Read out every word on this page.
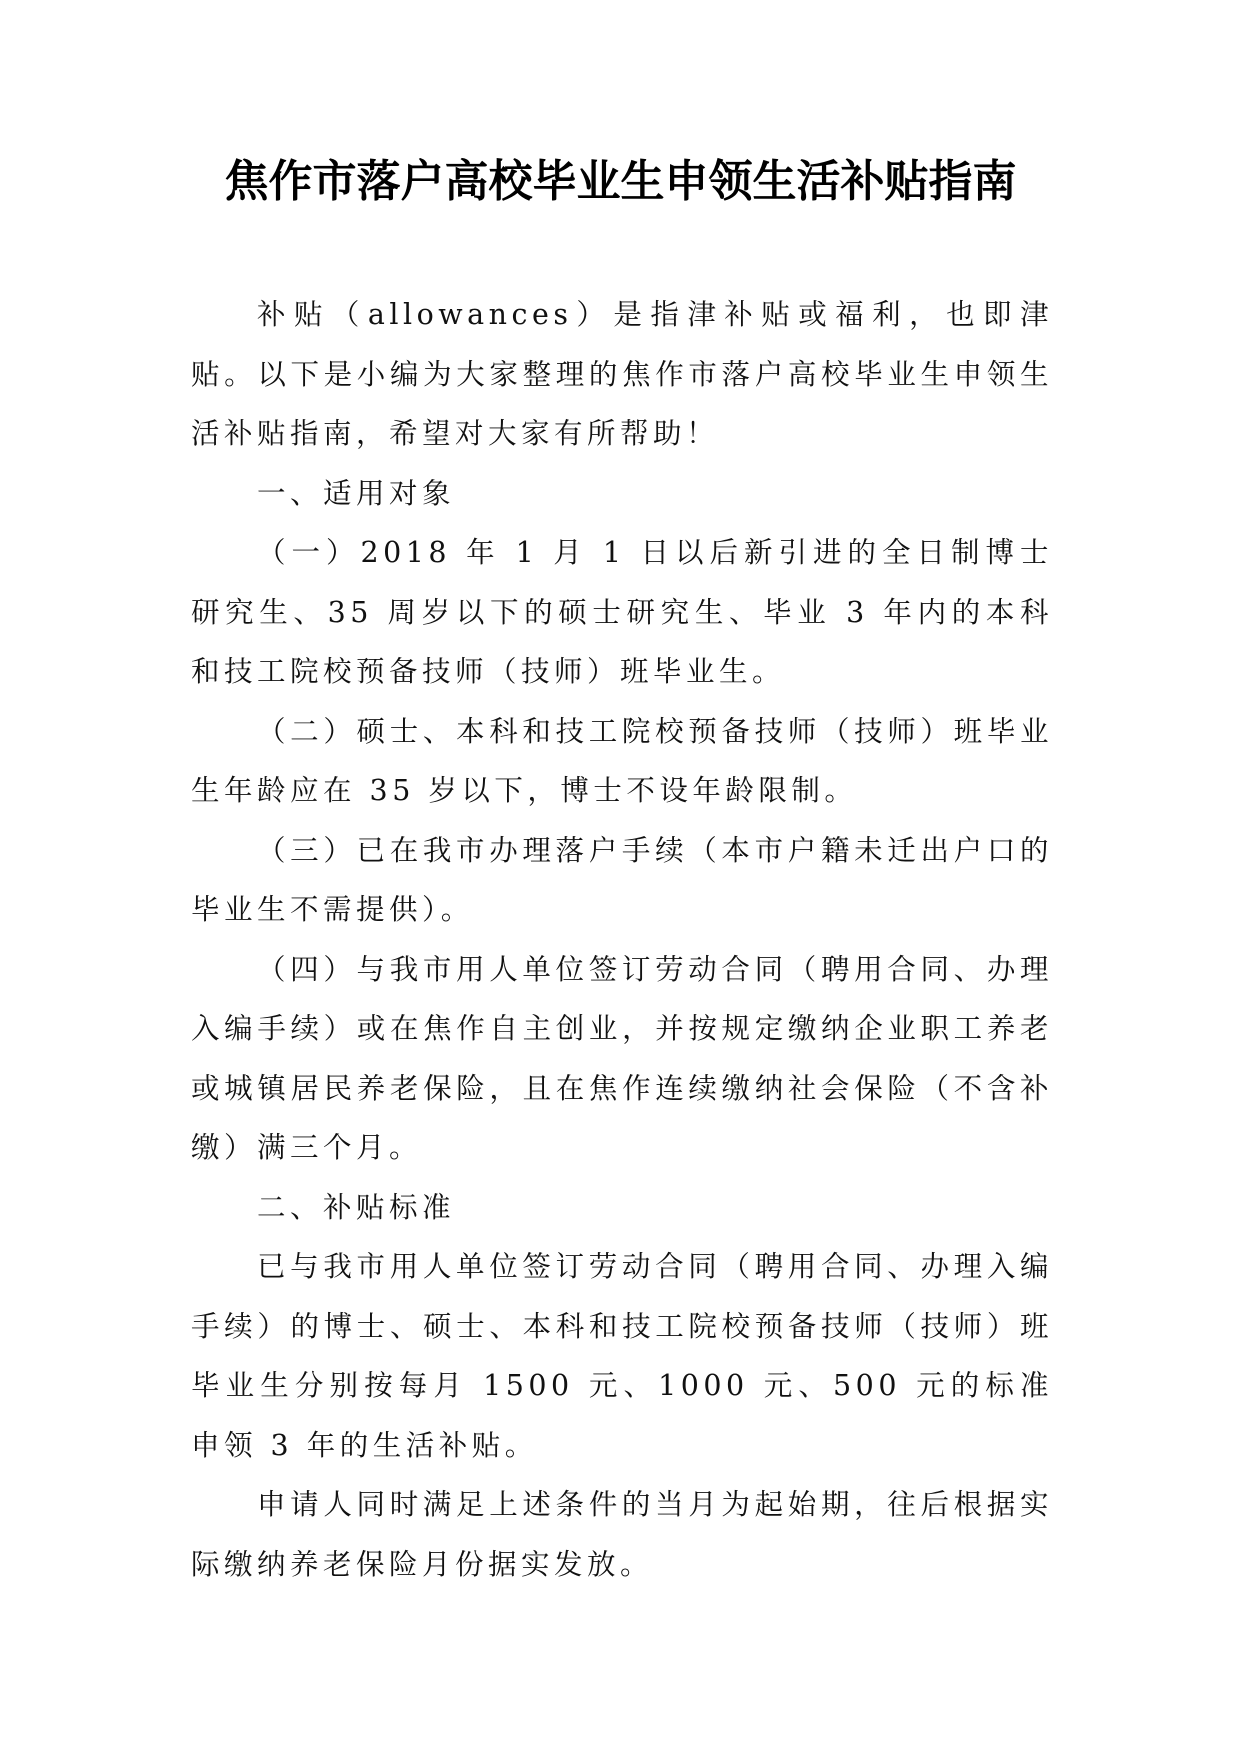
焦作市落户高校毕业生申领生活补贴指南

补贴（allowances）是指津补贴或福利，也即津贴。以下是小编为大家整理的焦作市落户高校毕业生申领生活补贴指南，希望对大家有所帮助！

一、适用对象

（一）2018 年 1 月 1 日以后新引进的全日制博士研究生、35 周岁以下的硕士研究生、毕业 3 年内的本科和技工院校预备技师（技师）班毕业生。

（二）硕士、本科和技工院校预备技师（技师）班毕业生年龄应在 35 岁以下，博士不设年龄限制。

（三）已在我市办理落户手续（本市户籍未迁出户口的毕业生不需提供）。

（四）与我市用人单位签订劳动合同（聘用合同、办理入编手续）或在焦作自主创业，并按规定缴纳企业职工养老或城镇居民养老保险，且在焦作连续缴纳社会保险（不含补缴）满三个月。

二、补贴标准

已与我市用人单位签订劳动合同（聘用合同、办理入编手续）的博士、硕士、本科和技工院校预备技师（技师）班毕业生分别按每月 1500 元、1000 元、500 元的标准申领 3 年的生活补贴。

申请人同时满足上述条件的当月为起始期，往后根据实际缴纳养老保险月份据实发放。
